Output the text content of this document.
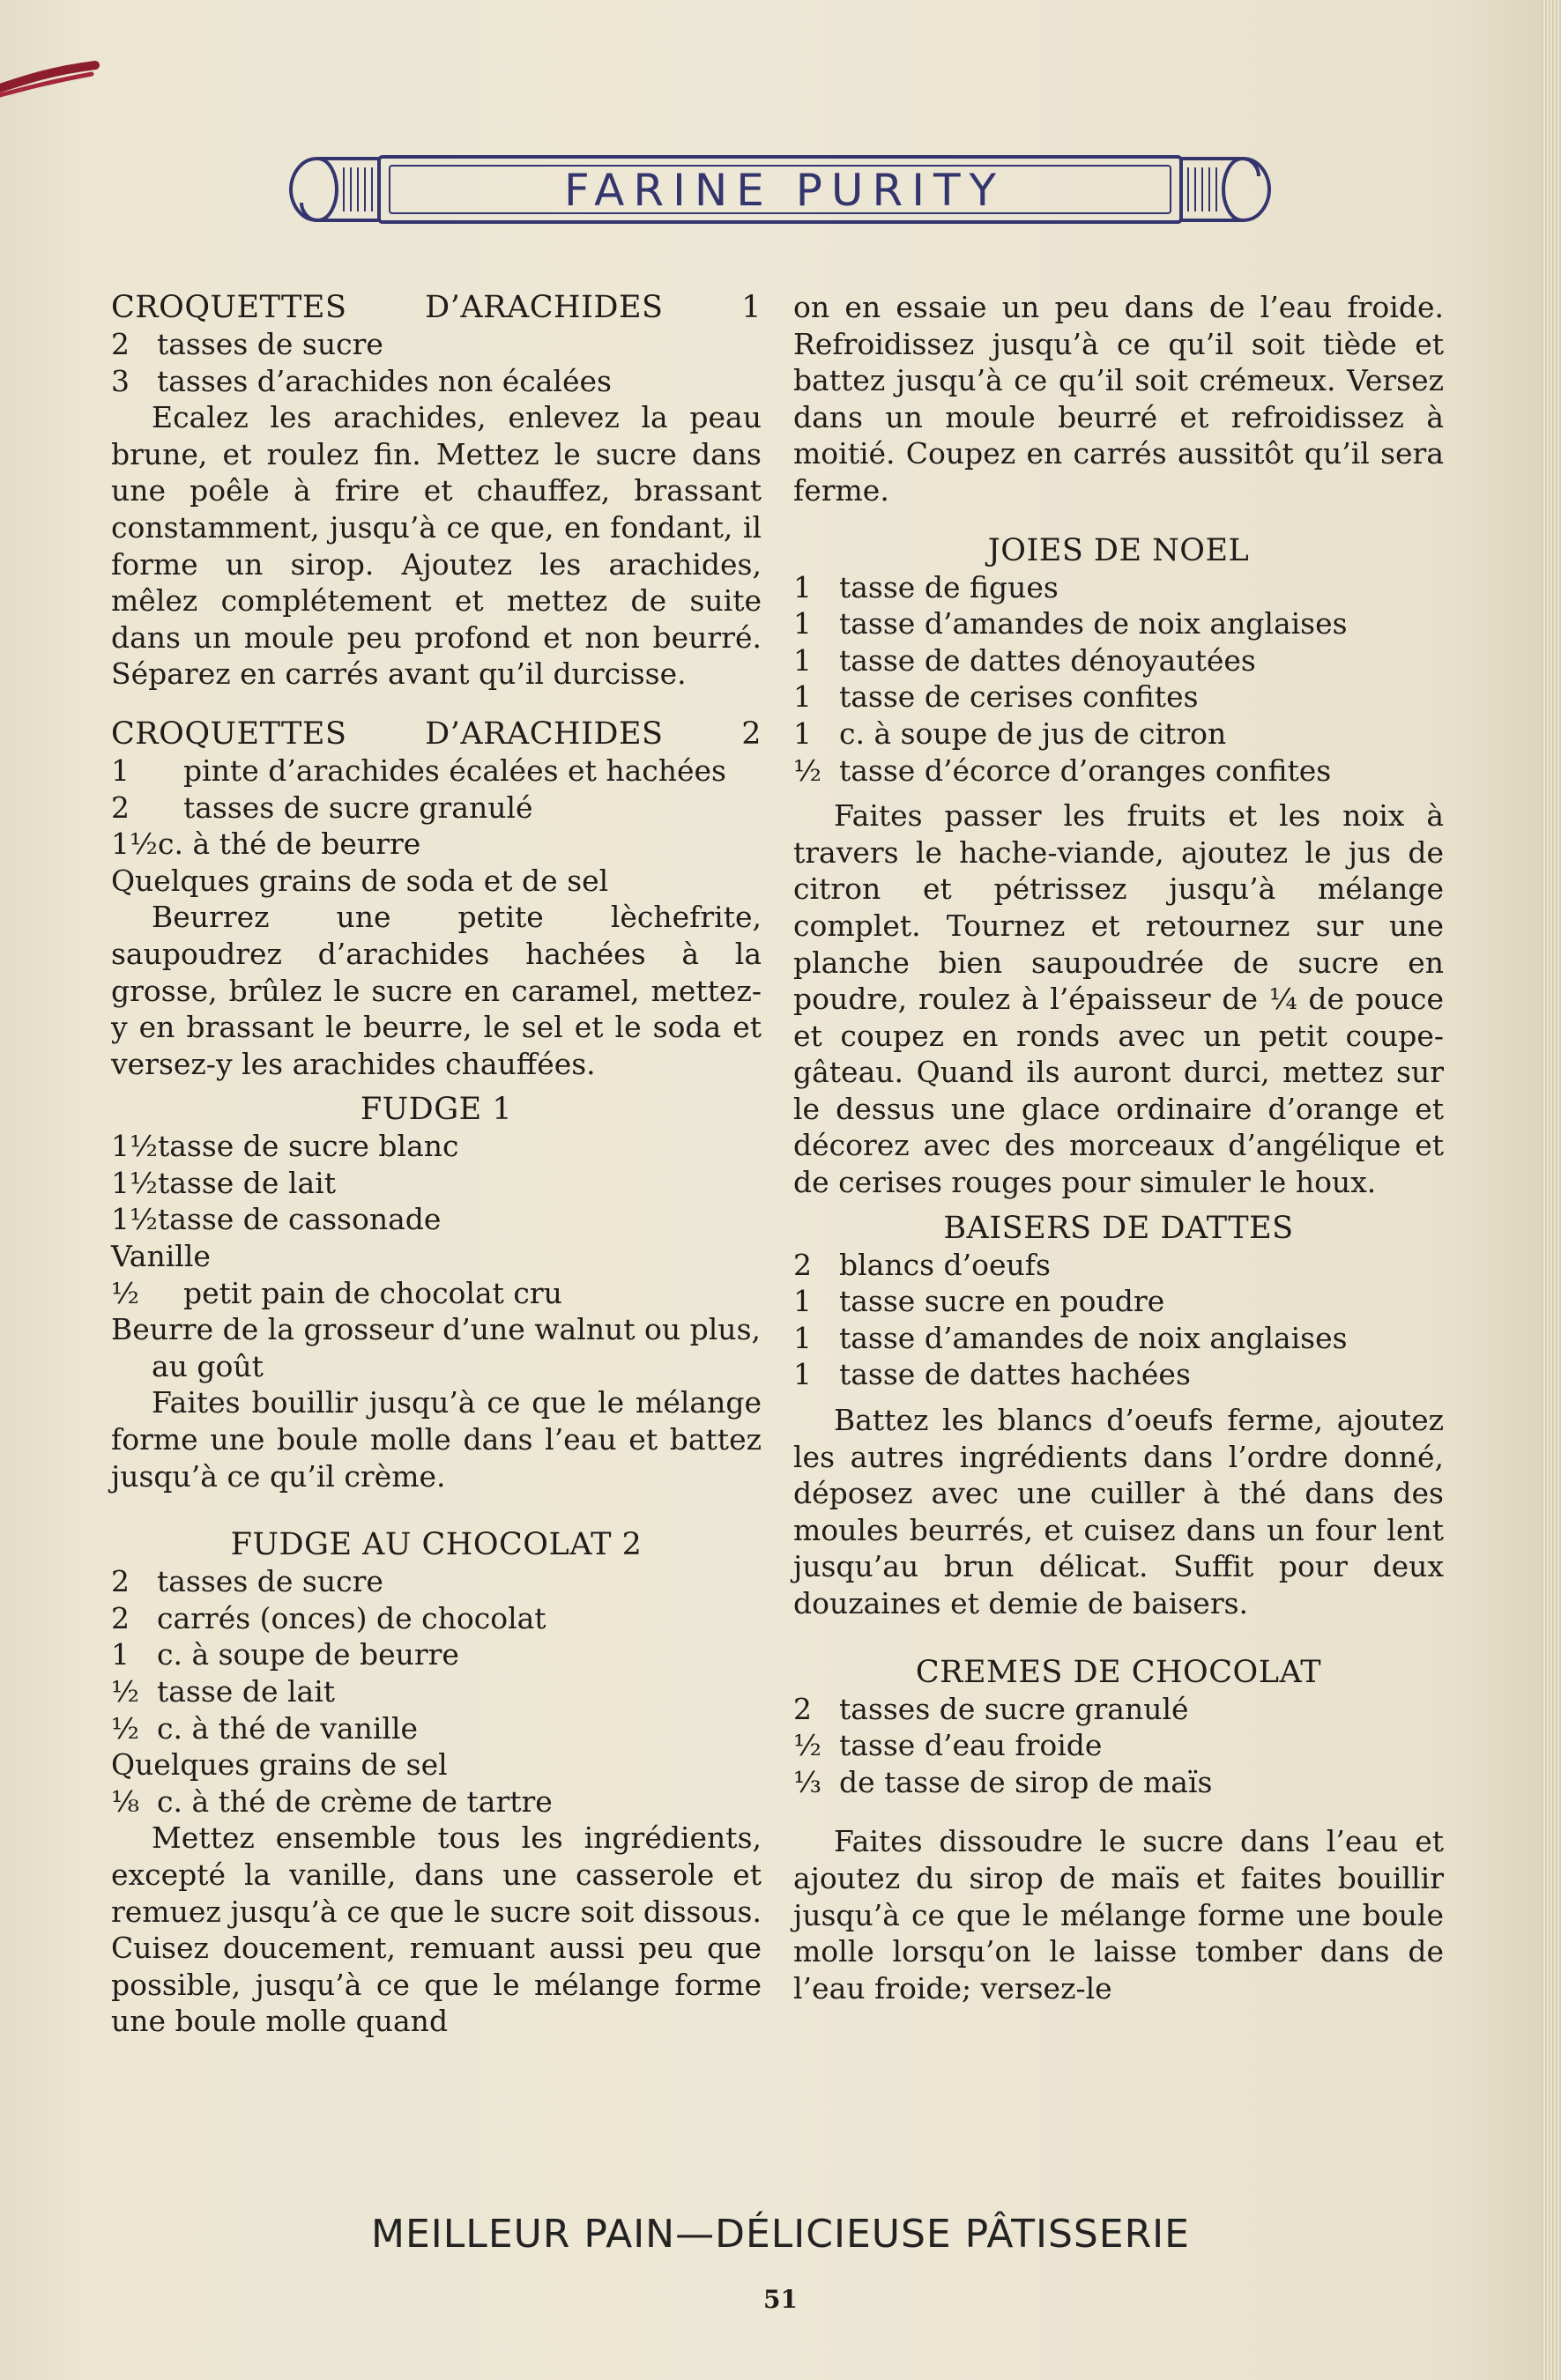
FARINE PURITY
CROQUETTES D’ARACHIDES 1
2 tasses de sucre
3 tasses d’arachides non écalées

Ecalez les arachides, enlevez la peau brune, et roulez fin. Mettez le sucre dans une poêle à frire et chauffez, brassant constamment, jusqu’à ce que, en fondant, il forme un sirop. Ajoutez les arachides, mêlez complétement et mettez de suite dans un moule peu profond et non beurré. Séparez en carrés avant qu’il durcisse.

CROQUETTES D’ARACHIDES 2
1	pinte d’arachides écalées et hachées
2	tasses de sucre granulé
1½ c. à thé de beurre
Quelques grains de soda et de sel

Beurrez une petite lèchefrite, saupoudrez d’arachides hachées à la grosse, brûlez le sucre en caramel, mettez-y en brassant le beurre, le sel et le soda et versez-y les arachides chauffées.

FUDGE 1
1½ tasse de sucre blanc
1½ tasse de lait
1½ tasse de cassonade
Vanille
½	petit pain de chocolat cru
Beurre de la grosseur d’une walnut ou plus, au goût

Faites bouillir jusqu’à ce que le mélange forme une boule molle dans l’eau et battez jusqu’à ce qu’il crème.

FUDGE AU CHOCOLAT 2
2 tasses de sucre
2 carrés (onces) de chocolat
1 c. à soupe de beurre
½ tasse de lait
½ c. à thé de vanille
Quelques grains de sel
⅛ c. à thé de crème de tartre

Mettez ensemble tous les ingrédients, excepté la vanille, dans une casserole et remuez jusqu’à ce que le sucre soit dissous. Cuisez doucement, remuant aussi peu que possible, jusqu’à ce que le mélange forme une boule molle quand

on en essaie un peu dans de l’eau froide. Refroidissez jusqu’à ce qu’il soit tiède et battez jusqu’à ce qu’il soit crémeux. Versez dans un moule beurré et refroidissez à moitié. Coupez en carrés aussitôt qu’il sera ferme.

JOIES DE NOEL
1 tasse de figues
1 tasse d’amandes de noix anglaises
1 tasse de dattes dénoyautées
1 tasse de cerises confites
1 c. à soupe de jus de citron
½ tasse d’écorce d’oranges confites

Faites passer les fruits et les noix à travers le hache-viande, ajoutez le jus de citron et pétrissez jusqu’à mélange complet. Tournez et retournez sur une planche bien saupoudrée de sucre en poudre, roulez à l’épaisseur de ¼ de pouce et coupez en ronds avec un petit coupe-gâteau. Quand ils auront durci, mettez sur le dessus une glace ordinaire d’orange et décorez avec des morceaux d’angélique et de cerises rouges pour simuler le houx.

BAISERS DE DATTES
2 blancs d’oeufs
1 tasse sucre en poudre
1 tasse d’amandes de noix anglaises
1 tasse de dattes hachées

Battez les blancs d’oeufs ferme, ajoutez les autres ingrédients dans l’ordre donné, déposez avec une cuiller à thé dans des moules beurrés, et cuisez dans un four lent jusqu’au brun délicat. Suffit pour deux douzaines et demie de baisers.

CREMES DE CHOCOLAT
2 tasses de sucre granulé
½ tasse d’eau froide
⅓ de tasse de sirop de maïs

Faites dissoudre le sucre dans l’eau et ajoutez du sirop de maïs et faites bouillir jusqu’à ce que le mélange forme une boule molle lorsqu’on le laisse tomber dans de l’eau froide; versez-le

MEILLEUR PAIN—DÉLICIEUSE PÂTISSERIE
51
